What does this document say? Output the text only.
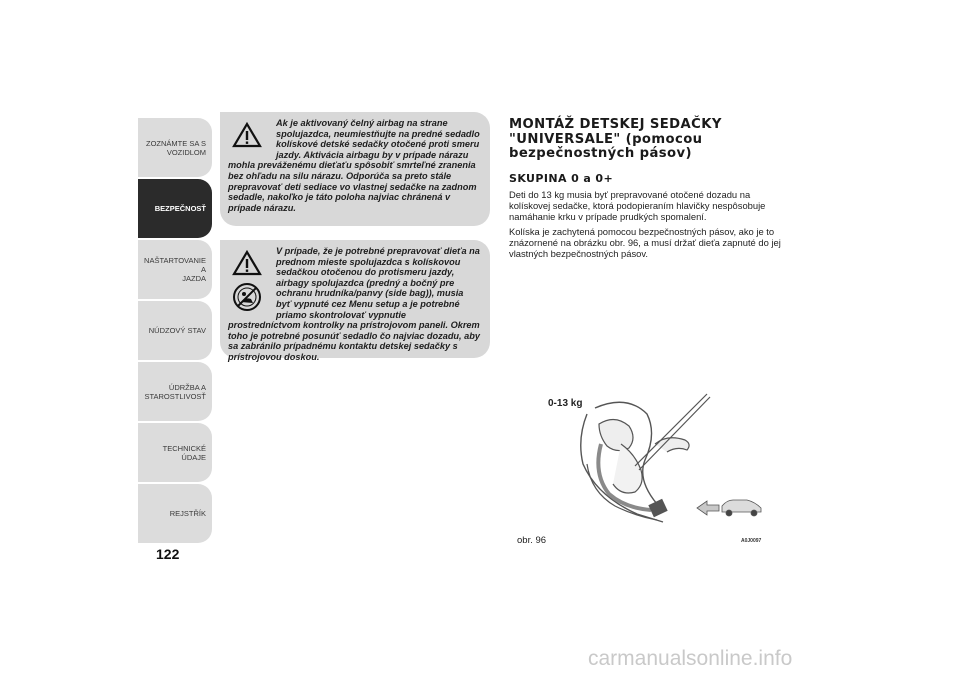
ZOZNÁMTE SA S
VOZIDLOM
BEZPEČNOSŤ
NAŠTARTOVANIE A
JAZDA
NÚDZOVÝ STAV
ÚDRŽBA A
STAROSTLIVOSŤ
TECHNICKÉ ÚDAJE
REJSTŘÍK
122
Ak je aktivovaný čelný airbag na strane spolujazdca, neumiestňujte na predné sedadlo kolískové detské sedačky otočené proti smeru jazdy. Aktivácia airbagu by v prípade nárazu mohla preváženému dieťaťu spôsobiť smrteľné zranenia bez ohľadu na silu nárazu. Odporúča sa preto stále prepravovať deti sediace vo vlastnej sedačke na zadnom sedadle, nakoľko je táto poloha najviac chránená v prípade nárazu.
V prípade, že je potrebné prepravovať dieťa na prednom mieste spolujazdca s kolískovou sedačkou otočenou do protismeru jazdy, airbagy spolujazdca (predný a bočný pre ochranu hrudníka/panvy (side bag)), musia byť vypnuté cez Menu setup a je potrebné priamo skontrolovať vypnutie prostredníctvom kontrolky na prístrojovom paneli. Okrem toho je potrebné posunúť sedadlo čo najviac dozadu, aby sa zabránilo prípadnému kontaktu detskej sedačky s prístrojovou doskou.
MONTÁŽ DETSKEJ SEDAČKY "UNIVERSALE" (pomocou bezpečnostných pásov)
SKUPINA 0 a 0+

Deti do 13 kg musia byť prepravované otočené dozadu na kolískovej sedačke, ktorá podopieraním hlavičky nespôsobuje namáhanie krku v prípade prudkých spomalení.

Kolíska je zachytená pomocou bezpečnostných pásov, ako je to znázornené na obrázku obr. 96, a musí držať dieťa zapnuté do jej vlastných bezpečnostných pásov.

0-13 kg
obr. 96	A0J0097
carmanualsonline.info
